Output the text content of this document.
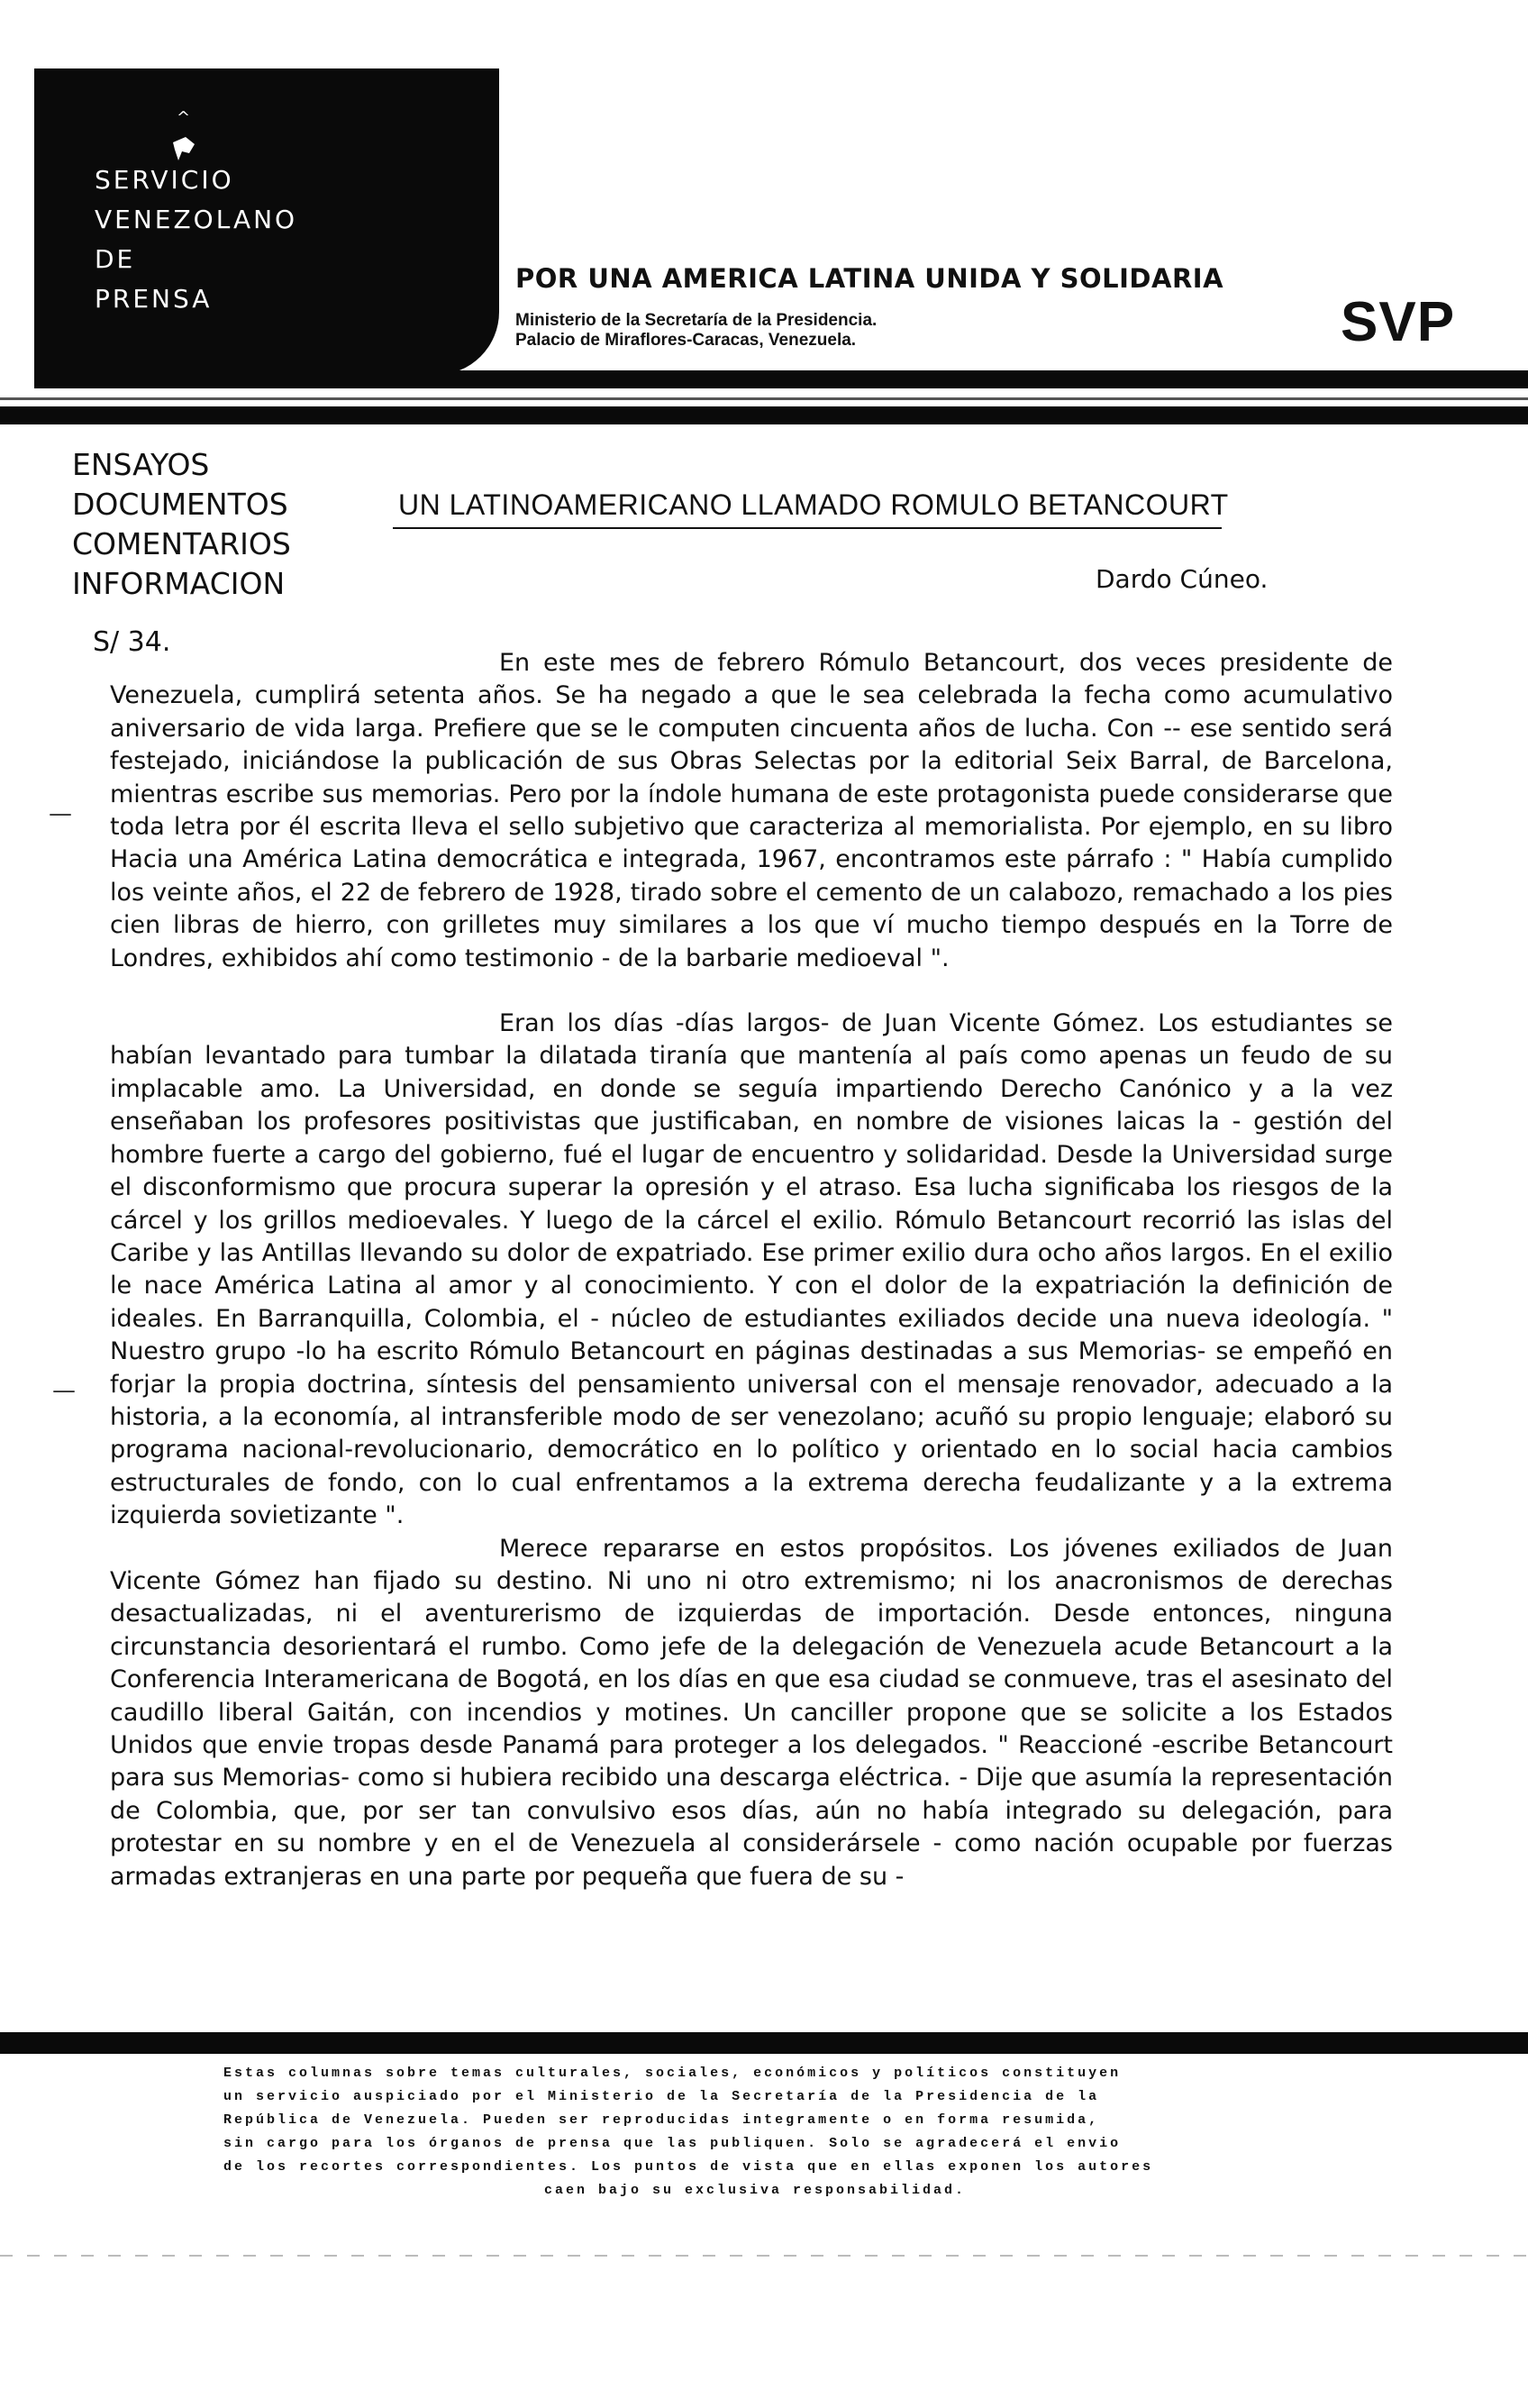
^
SERVICIO
VENEZOLANO
DE
PRENSA
POR UNA AMERICA LATINA UNIDA Y SOLIDARIA
Ministerio de la Secretaría de la Presidencia.
Palacio de Miraflores-Caracas, Venezuela.	SVP
ENSAYOS
DOCUMENTOS
COMENTARIOS
INFORMACION
S/ 34.
UN LATINOAMERICANO LLAMADO ROMULO BETANCOURT
Dardo Cúneo.

En este mes de febrero Rómulo Betancourt, dos veces presidente de Venezuela, cumplirá setenta años. Se ha negado a que le sea celebrada la fecha como acumulativo aniversario de vida larga. Prefiere que se le computen cincuenta años de lucha. Con -- ese sentido será festejado, iniciándose la publicación de sus Obras Selectas por la editorial Seix Barral, de Barcelona, mientras escribe sus memorias. Pero por la índole humana de este protagonista puede considerarse que toda letra por él escrita lleva el sello subjetivo que caracteriza al memorialista. Por ejemplo, en su libro Hacia una América Latina democrática e integrada, 1967, encontramos este párrafo : " Había cumplido los veinte años, el 22 de febrero de 1928, tirado sobre el cemento de un calabozo, remachado a los pies cien libras de hierro, con grilletes muy similares a los que ví mucho tiempo después en la Torre de Londres, exhibidos ahí como testimonio - de la barbarie medioeval ".

Eran los días -días largos- de Juan Vicente Gómez. Los estudiantes se habían levantado para tumbar la dilatada tiranía que mantenía al país como apenas un feudo de su implacable amo. La Universidad, en donde se seguía impartiendo Derecho Canónico y a la vez enseñaban los profesores positivistas que justificaban, en nombre de visiones laicas la - gestión del hombre fuerte a cargo del gobierno, fué el lugar de encuentro y solidaridad. Desde la Universidad surge el disconformismo que procura superar la opresión y el atraso. Esa lucha significaba los riesgos de la cárcel y los grillos medioevales. Y luego de la cárcel el exilio. Rómulo Betancourt recorrió las islas del Caribe y las Antillas llevando su dolor de expatriado. Ese primer exilio dura ocho años largos. En el exilio le nace América Latina al amor y al conocimiento. Y con el dolor de la expatriación la definición de ideales. En Barranquilla, Colombia, el - núcleo de estudiantes exiliados decide una nueva ideología. " Nuestro grupo -lo ha escrito Rómulo Betancourt en páginas destinadas a sus Memorias- se empeñó en forjar la propia doctrina, síntesis del pensamiento universal con el mensaje renovador, adecuado a la historia, a la economía, al intransferible modo de ser venezolano; acuñó su propio lenguaje; elaboró su programa nacional-revolucionario, democrático en lo político y orientado en lo social hacia cambios estructurales de fondo, con lo cual enfrentamos a la extrema derecha feudalizante y a la extrema izquierda sovietizante ".

Merece repararse en estos propósitos. Los jóvenes exiliados de Juan Vicente Gómez han fijado su destino. Ni uno ni otro extremismo; ni los anacronismos de derechas desactualizadas, ni el aventurerismo de izquierdas de importación. Desde entonces, ninguna circunstancia desorientará el rumbo. Como jefe de la delegación de Venezuela acude Betancourt a la Conferencia Interamericana de Bogotá, en los días en que esa ciudad se conmueve, tras el asesinato del caudillo liberal Gaitán, con incendios y motines. Un canciller propone que se solicite a los Estados Unidos que envie tropas desde Panamá para proteger a los delegados. " Reaccioné -escribe Betancourt para sus Memorias- como si hubiera recibido una descarga eléctrica. - Dije que asumía la representación de Colombia, que, por ser tan convulsivo esos días, aún no había integrado su delegación, para protestar en su nombre y en el de Venezuela al considerársele - como nación ocupable por fuerzas armadas extranjeras en una parte por pequeña que fuera de su -

—
—
Estas columnas sobre temas culturales, sociales, económicos y políticos constituyen
un servicio auspiciado por el Ministerio de la Secretaría de la Presidencia de la
República de Venezuela. Pueden ser reproducidas integramente o en forma resumida,
sin cargo para los órganos de prensa que las publiquen. Solo se agradecerá el envio
de los recortes correspondientes. Los puntos de vista que en ellas exponen los autores
caen bajo su exclusiva responsabilidad.
